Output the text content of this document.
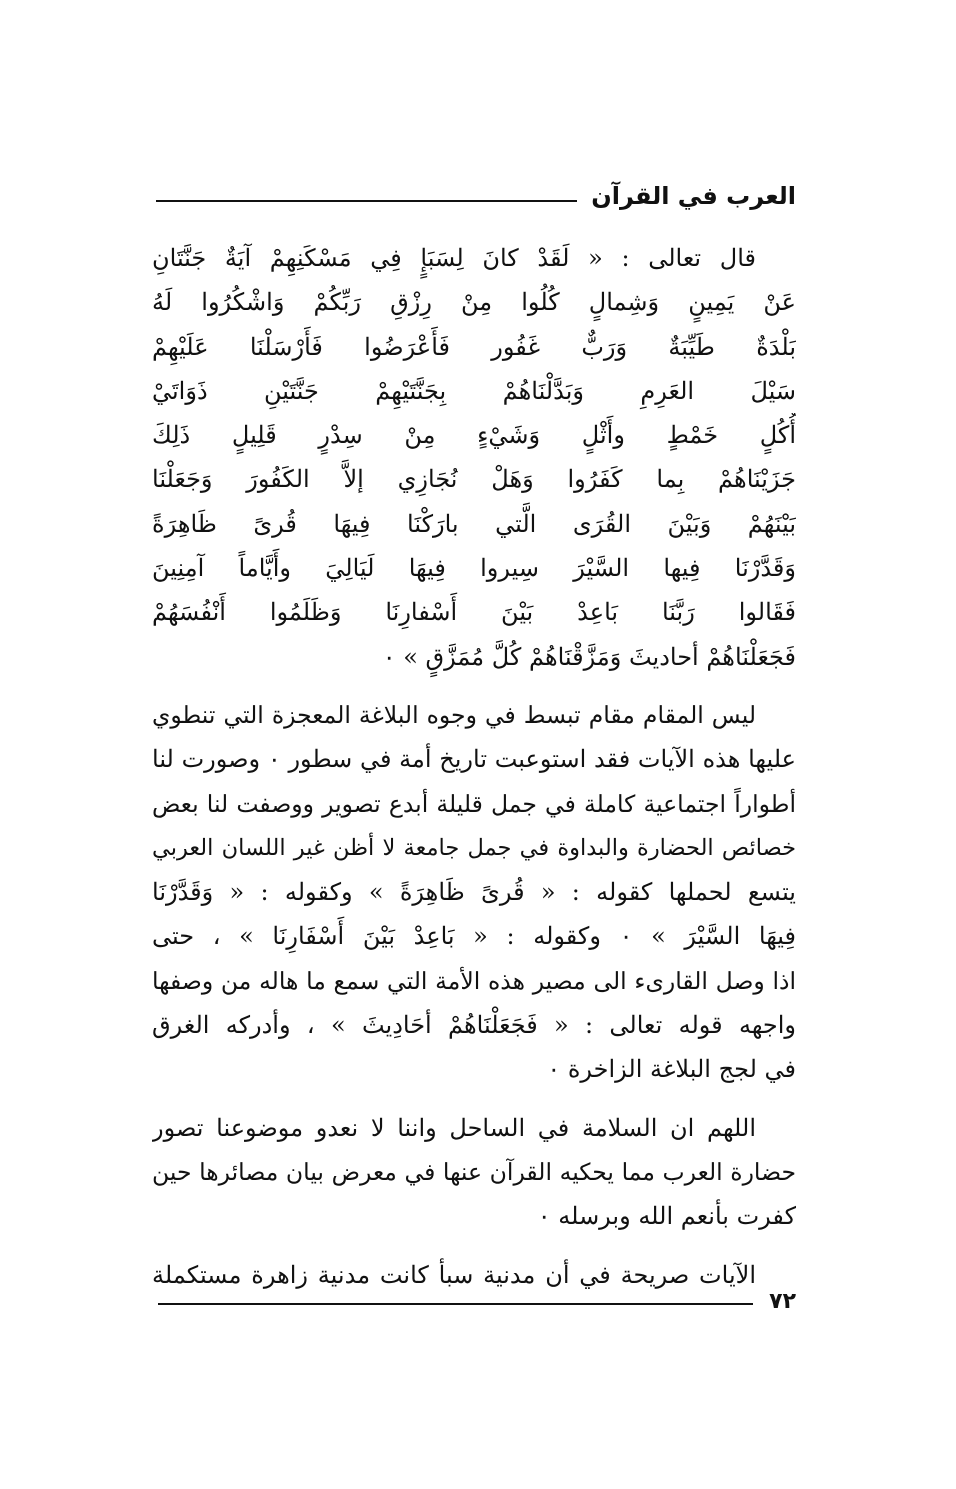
العرب في القرآن
قال تعالى : « لَقَدْ كانَ لِسَبَإٍ فِي مَسْكَنِهِمْ آيَةٌ جَنَّتَانِ
عَنْ يَمِينٍ وَشِمالٍ كُلُوا مِنْ رِزْقِ رَبِّكُمْ وَاشْكُرُوا لَهُ
بَلْدَةٌ طَيِّبَةٌ وَرَبٌّ غَفُور فَأَعْرَضُوا فَأَرْسَلْنَا عَلَيْهِمْ
سَيْلَ العَرِمِ وَبَدَّلْنَاهُمْ بِجَنَّتَيْهِمْ جَنَّتَيْنِ ذَوَاتَيْ
أُكُلٍ خَمْطٍ وأَثْلٍ وَشَيْءٍ مِنْ سِدْرٍ قَلِيلٍ ذَلِكَ
جَزَيْنَاهُمْ بِما كَفَرُوا وَهَلْ نُجَازِي إلاَّ الكَفُورَ وَجَعَلْنَا
بَيْنَهُمْ وَبَيْنَ القُرَى الَّتي بارَكْنَا فِيهَا قُرىً ظَاهِرَةً
وَقَدَّرْنَا فِيها السَّيْرَ سِيروا فِيهَا لَيَالِيَ وأَيَّاماً آمِنِينَ
فَقَالوا رَبَّنَا بَاعِدْ بَيْنَ أَسْفارِنَا وَظَلَمُوا أَنْفُسَهُمْ
فَجَعَلْنَاهُمْ أحاديثَ وَمَزَّقْنَاهُمْ كُلَّ مُمَزَّقٍ » ٠
ليس المقام مقام تبسط في وجوه البلاغة المعجزة التي تنطوي
عليها هذه الآيات فقد استوعبت تاريخ أمة في سطور ٠ وصورت لنا
أطواراً اجتماعية كاملة في جمل قليلة أبدع تصوير ووصفت لنا بعض
خصائص الحضارة والبداوة في جمل جامعة لا أظن غير اللسان العربي
يتسع لحملها كقوله : « قُرىً ظَاهِرَةً » وكقوله : « وَقَدَّرْنَا
فِيهَا السَّيْرَ » ٠ وكقوله : « بَاعِدْ بَيْنَ أَسْفَارِنَا » ، حتى
اذا وصل القارىء الى مصير هذه الأمة التي سمع ما هاله من وصفها
واجهه قوله تعالى : « فَجَعَلْنَاهُمْ أحَادِيثَ » ، وأدركه الغرق
في لجج البلاغة الزاخرة ٠
اللهم ان السلامة في الساحل واننا لا نعدو موضوعنا تصور
حضارة العرب مما يحكيه القرآن عنها في معرض بيان مصائرها حين
كفرت بأنعم الله وبرسله ٠
الآيات صريحة في أن مدنية سبأ كانت مدنية زاهرة مستكملة
٧٢
